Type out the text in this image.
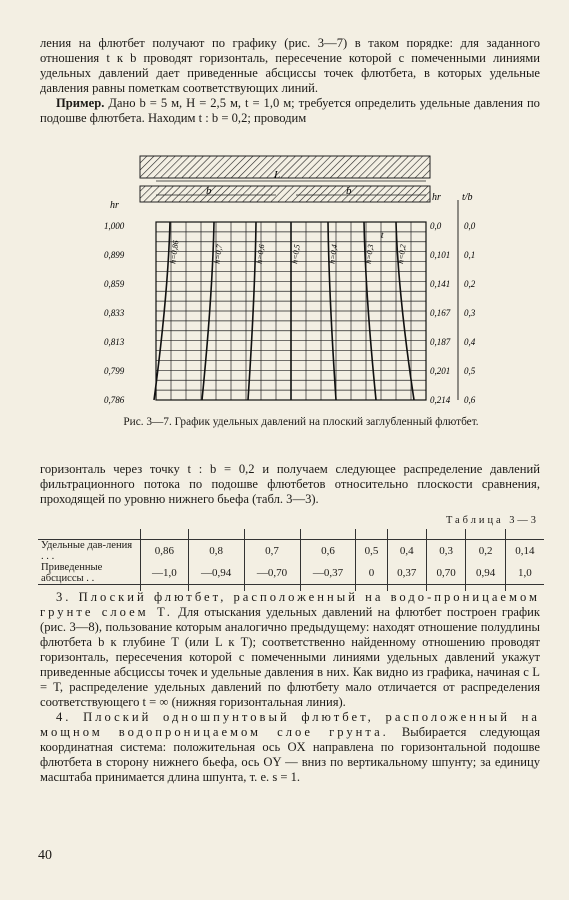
ления на флютбет получают по графику (рис. 3—7) в таком порядке: для заданного отношения t к b проводят горизонталь, пересечение которой с помеченными линиями удельных давлений дает приведенные абсциссы точек флютбета, в которых удельные давления равны пометкам соответствующих линий.

Пример. Дано b = 5 м, H = 2,5 м, t = 1,0 м; требуется определить удельные давления по подошве флютбета. Находим t : b = 0,2; проводим

L
b	b
t
hr
hr t/b
1,000	0,0	0,0
0,899	0,101 0,1
0,859	0,141 0,2
0,833	0,167 0,3
0,813	0,187 0,4
0,799	0,201 0,5
0,786	0,214 0,6
h=0,86	h=0,7	h=0,6	h=0,5	h=0,4	h=0,3	h=0,2
Рис. 3—7. График удельных давлений на плоский заглубленный флютбет.

горизонталь через точку t : b = 0,2 и получаем следующее распределение давлений фильтрационного потока по подошве флютбетов относительно плоскости сравнения, проходящей по уровню нижнего бьефа (табл. 3—3).

Таблица 3—3

Удельные дав-ления . . .	0,86	0,8	0,7	0,6	0,5	0,4	0,3	0,2	0,14
Приведенные абсциссы . .	—1,0	—0,94	—0,70	—0,37	0	0,37	0,70	0,94	1,0

3. Плоский флютбет, расположенный на водо-проницаемом грунте слоем T. Для отыскания удельных давлений на флютбет построен график (рис. 3—8), пользование которым аналогично предыдущему: находят отношение полудлины флютбета b к глубине T (или L к T); соответственно найденному отношению проводят горизонталь, пересечения которой с помеченными линиями удельных давлений укажут приведенные абсциссы точек и удельные давления в них. Как видно из графика, начиная с L = T, распределение удельных давлений по флютбету мало отличается от распределения соответствующего t = ∞ (нижняя горизонтальная линия).

4. Плоский одношпунтовый флютбет, расположенный на мощном водопроницаемом слое грунта. Выбирается следующая координатная система: положительная ось OX направлена по горизонтальной подошве флютбета в сторону нижнего бьефа, ось OY — вниз по вертикальному шпунту; за единицу масштаба принимается длина шпунта, т. е. s = 1.

40
